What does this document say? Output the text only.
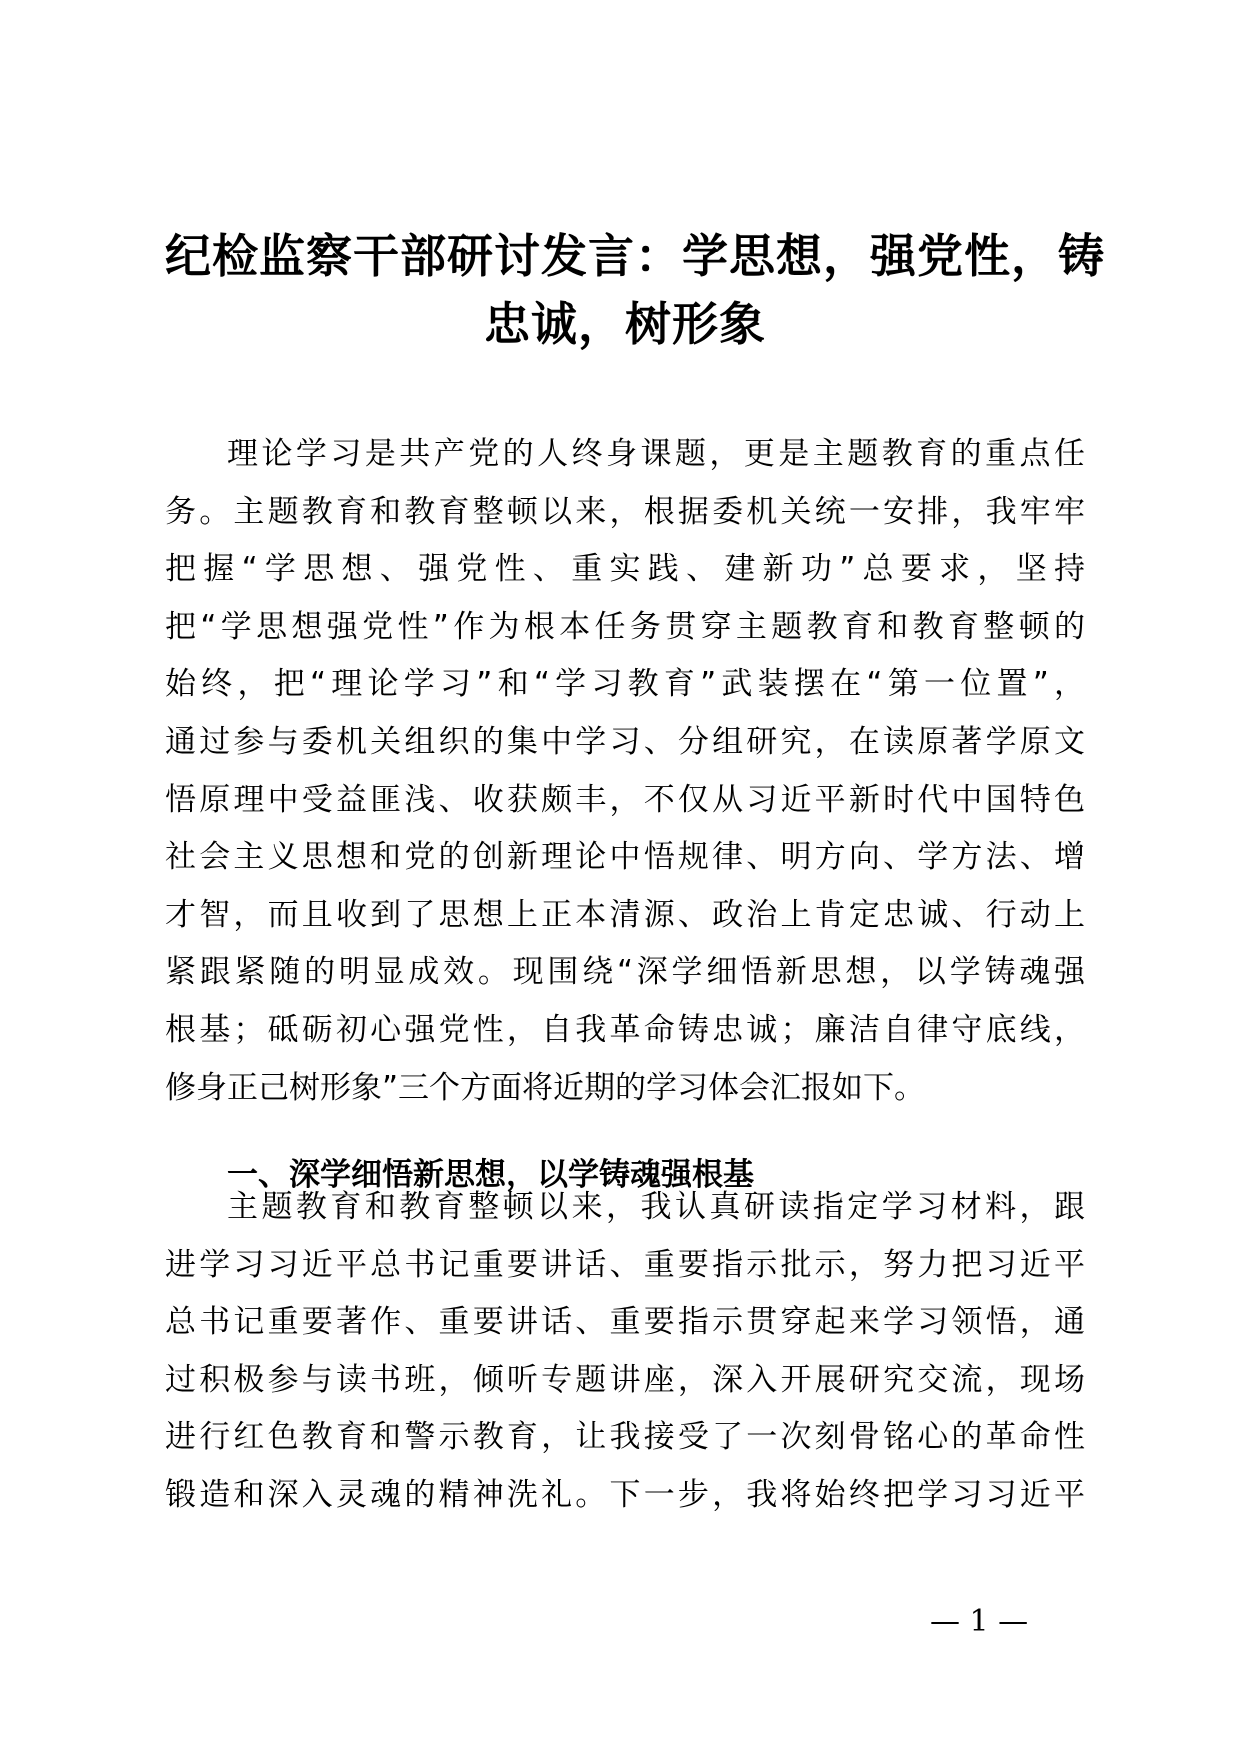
纪检监察干部研讨发言：学思想，强党性，铸
忠诚，树形象
理论学习是共产党的人终身课题，更是主题教育的重点任
务。主题教育和教育整顿以来，根据委机关统一安排，我牢牢
把握“学思想、强党性、重实践、建新功”总要求，坚持
把“学思想强党性”作为根本任务贯穿主题教育和教育整顿的
始终，把“理论学习”和“学习教育”武装摆在“第一位置”，
通过参与委机关组织的集中学习、分组研究，在读原著学原文
悟原理中受益匪浅、收获颇丰，不仅从习近平新时代中国特色
社会主义思想和党的创新理论中悟规律、明方向、学方法、增
才智，而且收到了思想上正本清源、政治上肯定忠诚、行动上
紧跟紧随的明显成效。现围绕“深学细悟新思想，以学铸魂强
根基；砥砺初心强党性，自我革命铸忠诚；廉洁自律守底线，
修身正己树形象”三个方面将近期的学习体会汇报如下。
一、深学细悟新思想，以学铸魂强根基
主题教育和教育整顿以来，我认真研读指定学习材料，跟
进学习习近平总书记重要讲话、重要指示批示，努力把习近平
总书记重要著作、重要讲话、重要指示贯穿起来学习领悟，通
过积极参与读书班，倾听专题讲座，深入开展研究交流，现场
进行红色教育和警示教育，让我接受了一次刻骨铭心的革命性
锻造和深入灵魂的精神洗礼。下一步，我将始终把学习习近平
— 1 —
